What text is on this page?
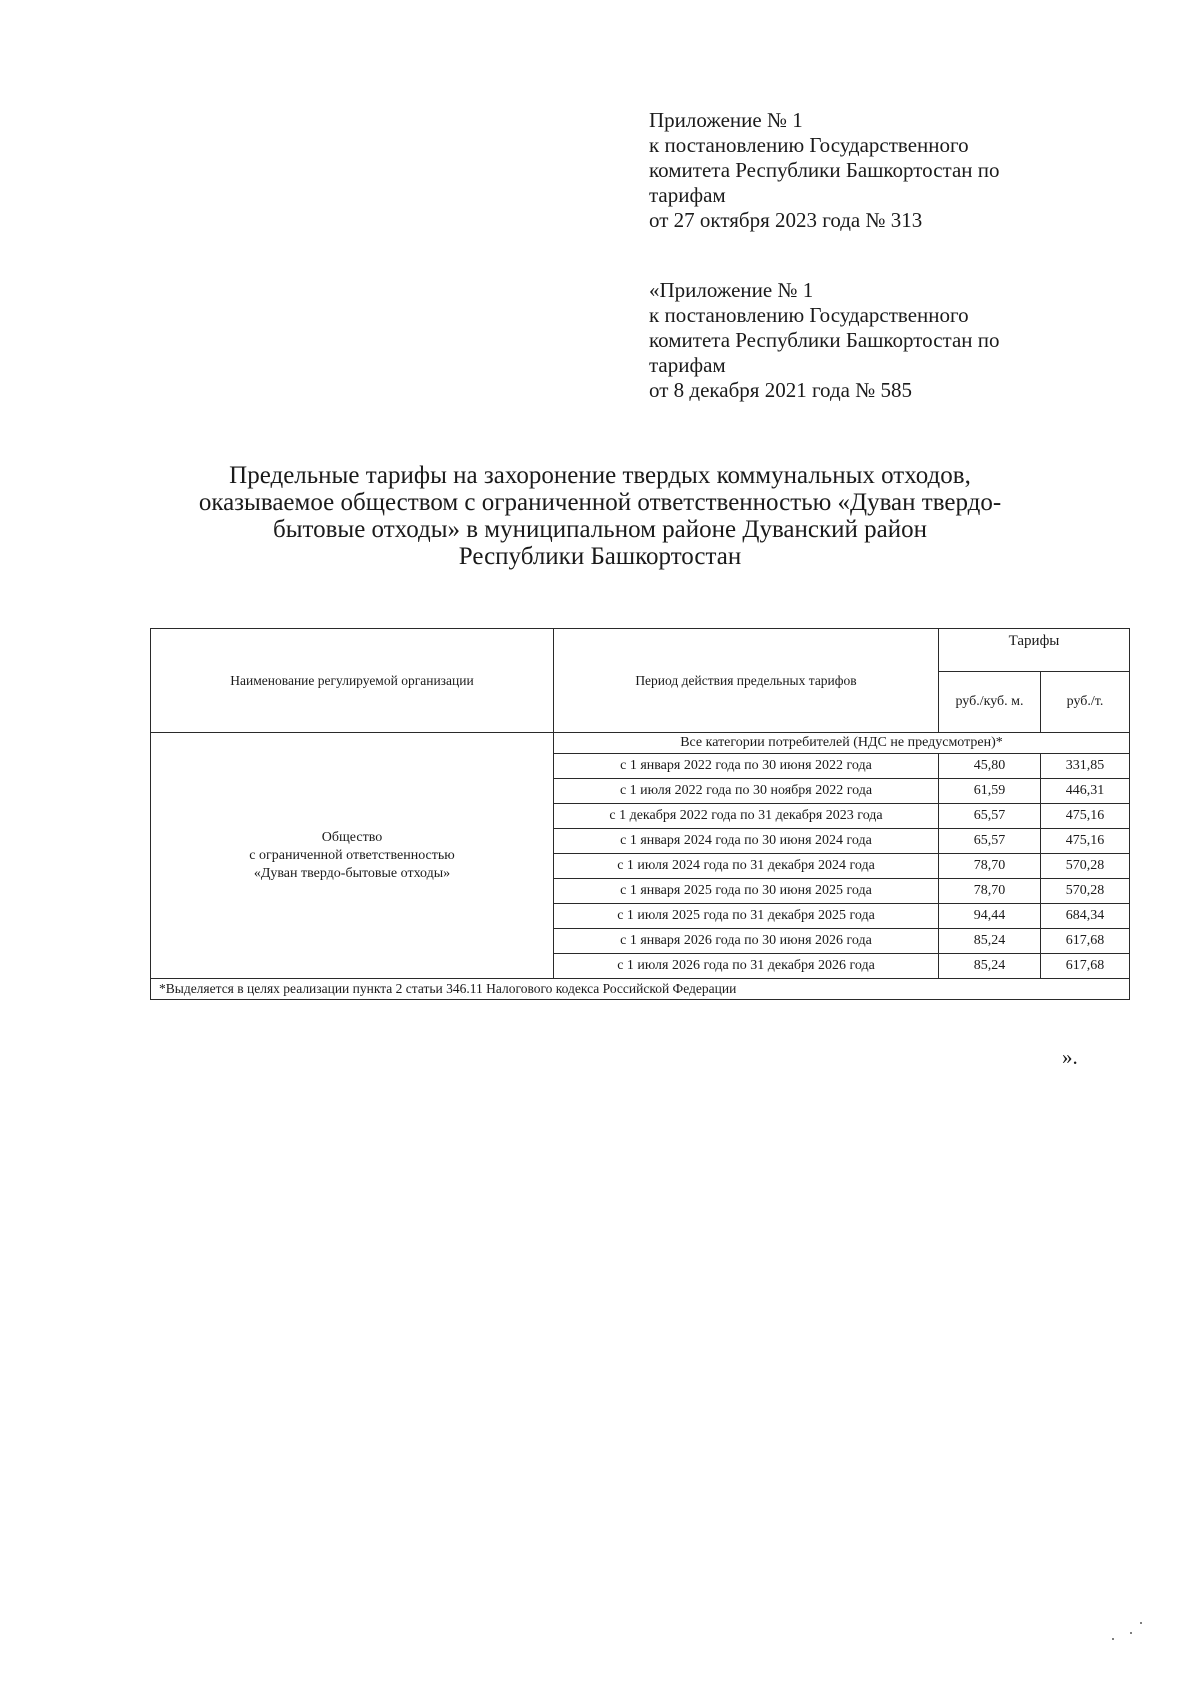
Приложение № 1
к постановлению Государственного
комитета Республики Башкортостан по
тарифам
от 27 октября 2023 года № 313
«Приложение № 1
к постановлению Государственного
комитета Республики Башкортостан по
тарифам
от 8 декабря 2021 года № 585
Предельные тарифы на захоронение твердых коммунальных отходов,
оказываемое обществом с ограниченной ответственностью «Дуван твердо-
бытовые отходы» в муниципальном районе Дуванский район
Республики Башкортостан
Наименование регулируемой организации	Период действия предельных тарифов	Тарифы	
		руб./куб. м.	руб./т.

Общество
с ограниченной ответственностью
«Дуван твердо-бытовые отходы»	Все категории потребителей (НДС не предусмотрен)*		
	с 1 января 2022 года по 30 июня 2022 года	45,80	331,85
	с 1 июля 2022 года по 30 ноября 2022 года	61,59	446,31
	с 1 декабря 2022 года по 31 декабря 2023 года	65,57	475,16
	с 1 января 2024 года по 30 июня 2024 года	65,57	475,16
	с 1 июля 2024 года по 31 декабря 2024 года	78,70	570,28
	с 1 января 2025 года по 30 июня 2025 года	78,70	570,28
	с 1 июля 2025 года по 31 декабря 2025 года	94,44	684,34
	с 1 января 2026 года по 30 июня 2026 года	85,24	617,68
	с 1 июля 2026 года по 31 декабря 2026 года	85,24	617,68
*Выделяется в целях реализации пункта 2 статьи 346.11 Налогового кодекса Российской Федерации			
».
